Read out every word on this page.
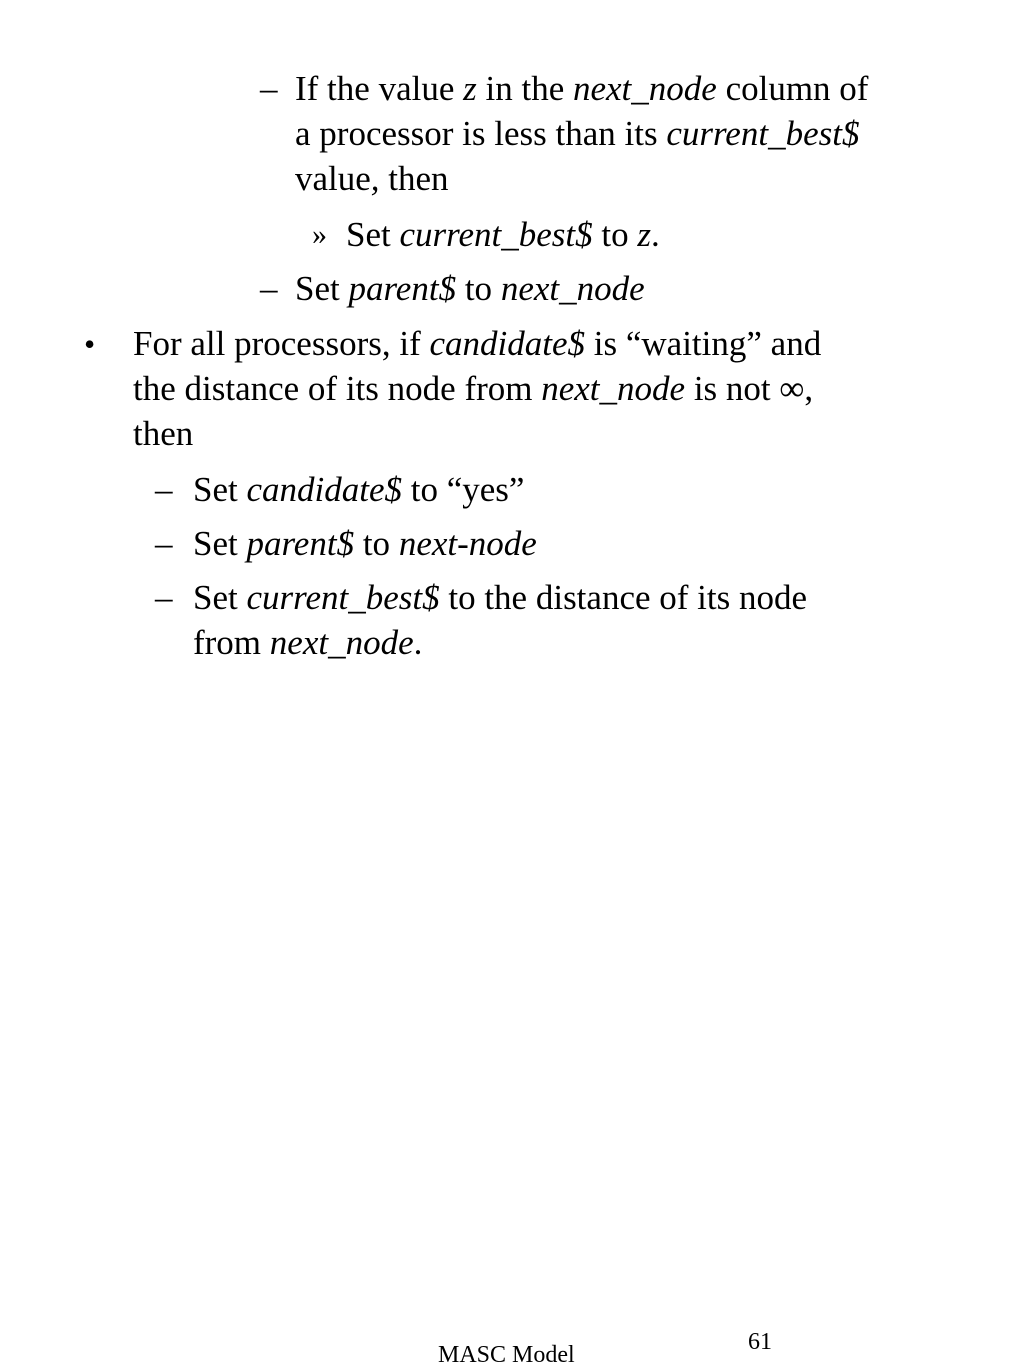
– If the value z in the next_node column of
a processor is less than its current_best$
value, then
» Set current_best$ to z.
– Set parent$ to next_node
• For all processors, if candidate$ is “waiting” and
the distance of its node from next_node is not ∞,
then
– Set candidate$ to “yes”
– Set parent$ to next-node
– Set current_best$ to the distance of its node
from next_node.
MASC Model	61
